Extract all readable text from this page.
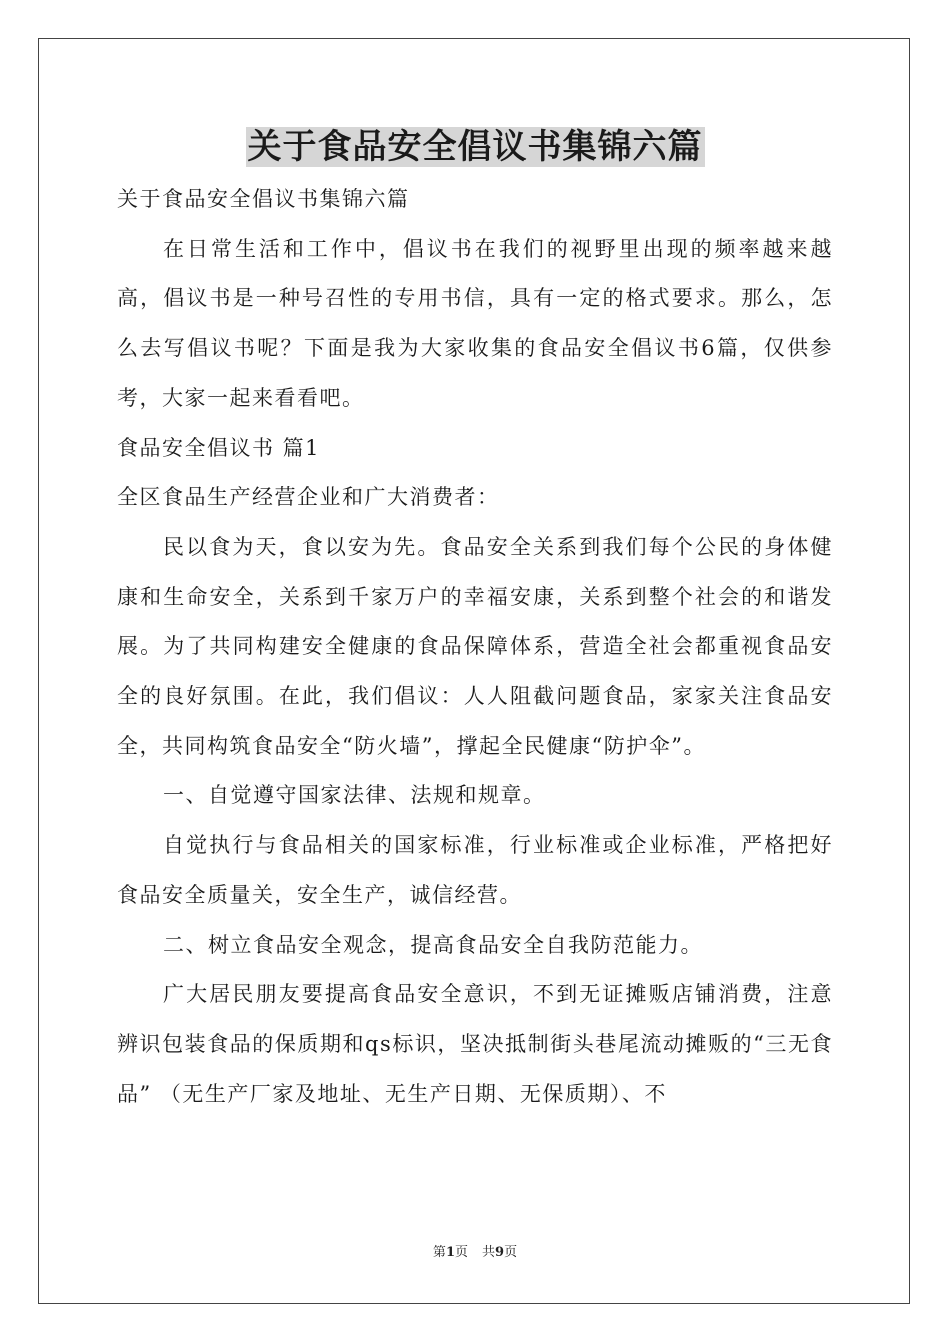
关于食品安全倡议书集锦六篇

关于食品安全倡议书集锦六篇

在日常生活和工作中，倡议书在我们的视野里出现的频率越来越高，倡议书是一种号召性的专用书信，具有一定的格式要求。那么，怎么去写倡议书呢？下面是我为大家收集的食品安全倡议书6篇，仅供参考，大家一起来看看吧。

食品安全倡议书 篇1

全区食品生产经营企业和广大消费者：

民以食为天，食以安为先。食品安全关系到我们每个公民的身体健康和生命安全，关系到千家万户的幸福安康，关系到整个社会的和谐发展。为了共同构建安全健康的食品保障体系，营造全社会都重视食品安全的良好氛围。在此，我们倡议：人人阻截问题食品，家家关注食品安全，共同构筑食品安全“防火墙”，撑起全民健康“防护伞”。

一、自觉遵守国家法律、法规和规章。

自觉执行与食品相关的国家标准，行业标准或企业标准，严格把好食品安全质量关，安全生产，诚信经营。

二、树立食品安全观念，提高食品安全自我防范能力。

广大居民朋友要提高食品安全意识，不到无证摊贩店铺消费，注意辨识包装食品的保质期和qs标识，坚决抵制街头巷尾流动摊贩的“三无食品” （无生产厂家及地址、无生产日期、无保质期）、不

第1页 共9页
